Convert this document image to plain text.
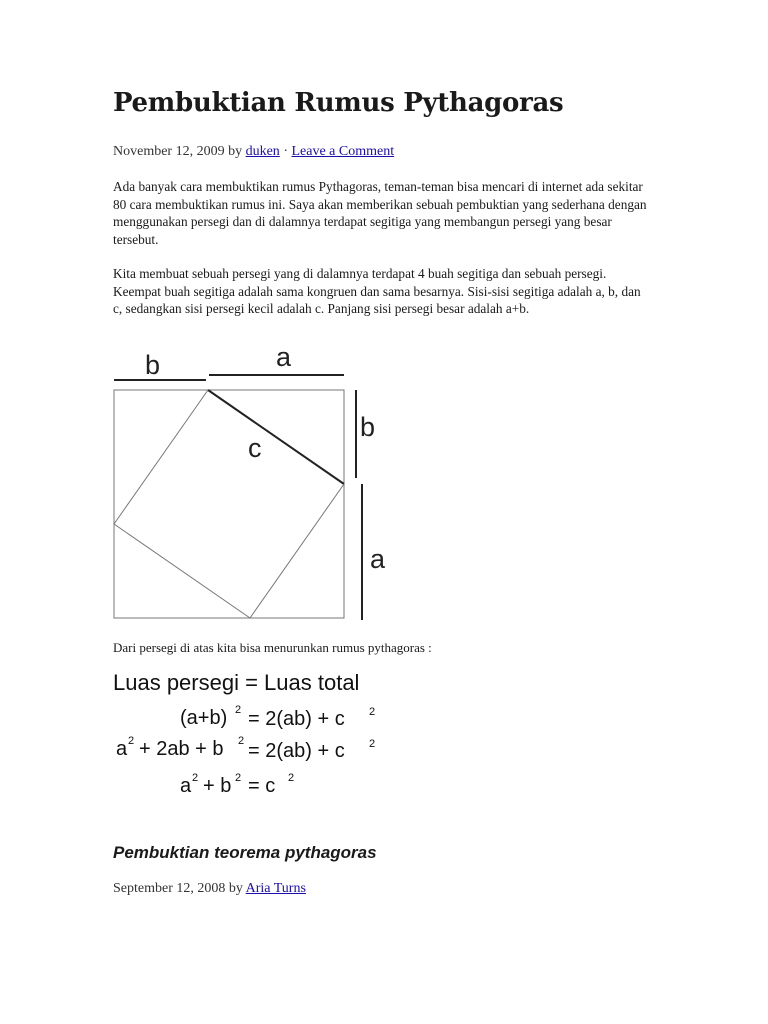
Pembuktian Rumus Pythagoras
November 12, 2009 by duken · Leave a Comment

Ada banyak cara membuktikan rumus Pythagoras, teman-teman bisa mencari di internet ada sekitar 80 cara membuktikan rumus ini. Saya akan memberikan sebuah pembuktian yang sederhana dengan menggunakan persegi dan di dalamnya terdapat segitiga yang membangun persegi yang besar tersebut.

Kita membuat sebuah persegi yang di dalamnya terdapat 4 buah segitiga dan sebuah persegi. Keempat buah segitiga adalah sama kongruen dan sama besarnya. Sisi-sisi segitiga adalah a, b, dan c, sedangkan sisi persegi kecil adalah c. Panjang sisi persegi besar adalah a+b.

b	a
c
b
a
Dari persegi di atas kita bisa menurunkan rumus pythagoras :
Luas persegi = Luas total
(a+b) 2 = 2(ab) + c 2
a 2 + 2ab + b 2 = 2(ab) + c 2
a 2 + b 2 = c 2
Pembuktian teorema pythagoras
September 12, 2008 by Aria Turns
